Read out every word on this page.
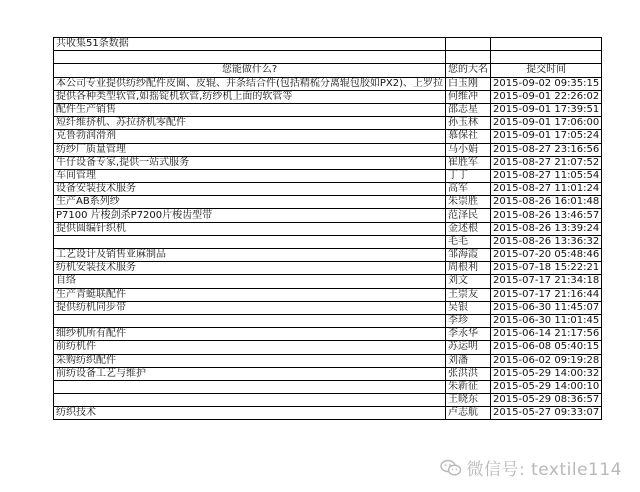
共收集51条数据		

您能做什么?	您的大名	提交时间
本公司专业提供纺纱配件皮圈、皮辊、并条结合件(包括精梳分离辊包胶如PX2)、上罗拉	白玉刚	2015-09-02 09:35:15
提供各种类型软管,如摇锭机软管,纺纱机上面的软管等	何维冲	2015-09-01 22:26:02
配件生产销售	邵志星	2015-09-01 17:39:51
短纤维挤机、苏拉挤机零配件	孙玉林	2015-09-01 17:06:00
克鲁勃润滑剂	慕保社	2015-09-01 17:05:24
纺纱厂质量管理	马小娟	2015-08-27 23:16:56
牛仔设备专家,提供一站式服务	崔胜军	2015-08-27 21:07:52
车间管理	丁丁	2015-08-27 11:05:54
设备安装技术服务	高军	2015-08-27 11:01:24
生产AB系列纱	朱崇胜	2015-08-26 16:01:48
P7100 片梭剑杀P7200片梭齿型带	范泽民	2015-08-26 13:46:57
提供圆编针织机	金述根	2015-08-26 13:39:24
	毛毛	2015-08-26 13:36:32
工艺设计及销售亚麻制品	邹海霞	2015-07-20 05:48:46
纺机安装技术服务	周根利	2015-07-18 15:22:21
自络	刘文	2015-07-17 21:34:18
生产青蜓联配件	王崇友	2015-07-17 21:16:44
提供纺机同步带	吴银	2015-06-30 11:45:07
	李珍	2015-06-30 11:01:45
细纱机所有配件	李永华	2015-06-14 21:17:56
前纺机件	苏运明	2015-06-08 05:40:15
采购纺织配件	刘潘	2015-06-02 09:19:28
前纺设备工艺与维护	张洪洪	2015-05-29 14:00:32
	朱新征	2015-05-29 14:00:10
	王晓东	2015-05-29 08:36:57
纺织技术	卢志航	2015-05-27 09:33:07
微信号: textile114
